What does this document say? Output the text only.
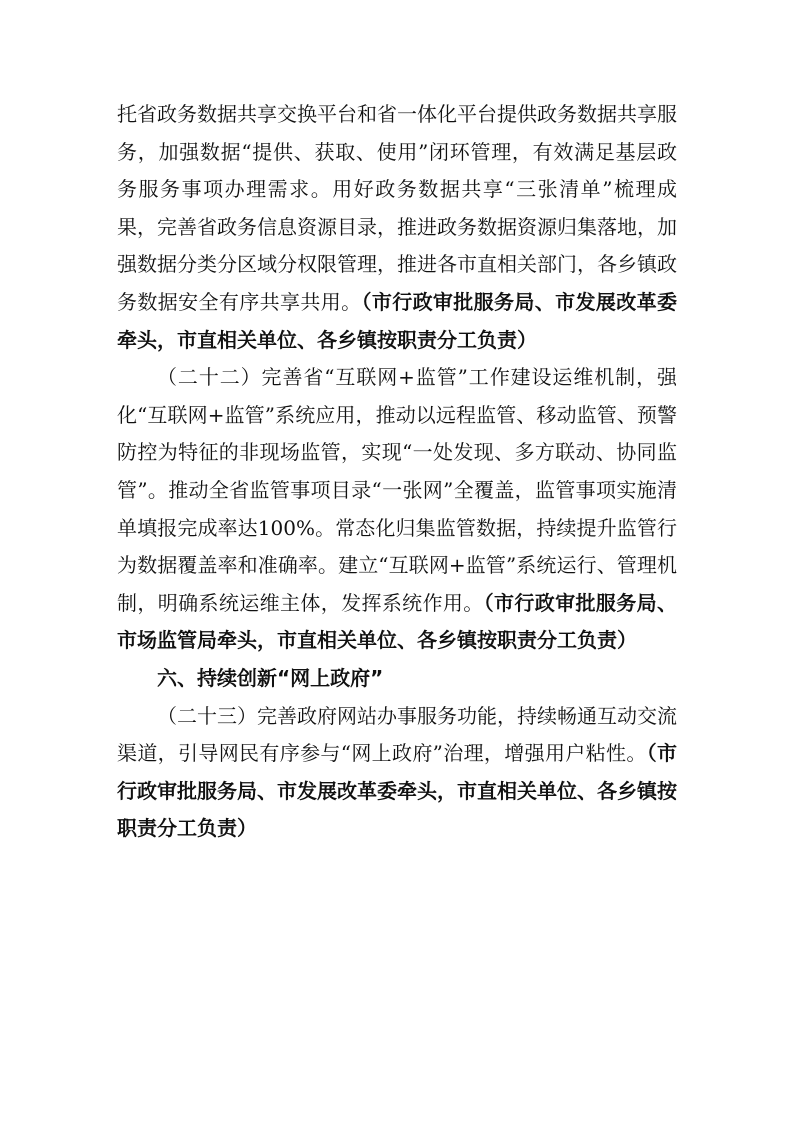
托省政务数据共享交换平台和省一体化平台提供政务数据共享服务，加强数据“提供、获取、使用”闭环管理，有效满足基层政务服务事项办理需求。用好政务数据共享“三张清单”梳理成果，完善省政务信息资源目录，推进政务数据资源归集落地，加强数据分类分区域分权限管理，推进各市直相关部门，各乡镇政务数据安全有序共享共用。（市行政审批服务局、市发展改革委牵头，市直相关单位、各乡镇按职责分工负责）

（二十二）完善省“互联网+监管”工作建设运维机制，强化“互联网+监管”系统应用，推动以远程监管、移动监管、预警防控为特征的非现场监管，实现“一处发现、多方联动、协同监管”。推动全省监管事项目录“一张网”全覆盖，监管事项实施清单填报完成率达100%。常态化归集监管数据，持续提升监管行为数据覆盖率和准确率。建立“互联网+监管”系统运行、管理机制，明确系统运维主体，发挥系统作用。（市行政审批服务局、市场监管局牵头，市直相关单位、各乡镇按职责分工负责）

六、持续创新“网上政府”

（二十三）完善政府网站办事服务功能，持续畅通互动交流渠道，引导网民有序参与“网上政府”治理，增强用户粘性。（市行政审批服务局、市发展改革委牵头，市直相关单位、各乡镇按职责分工负责）
